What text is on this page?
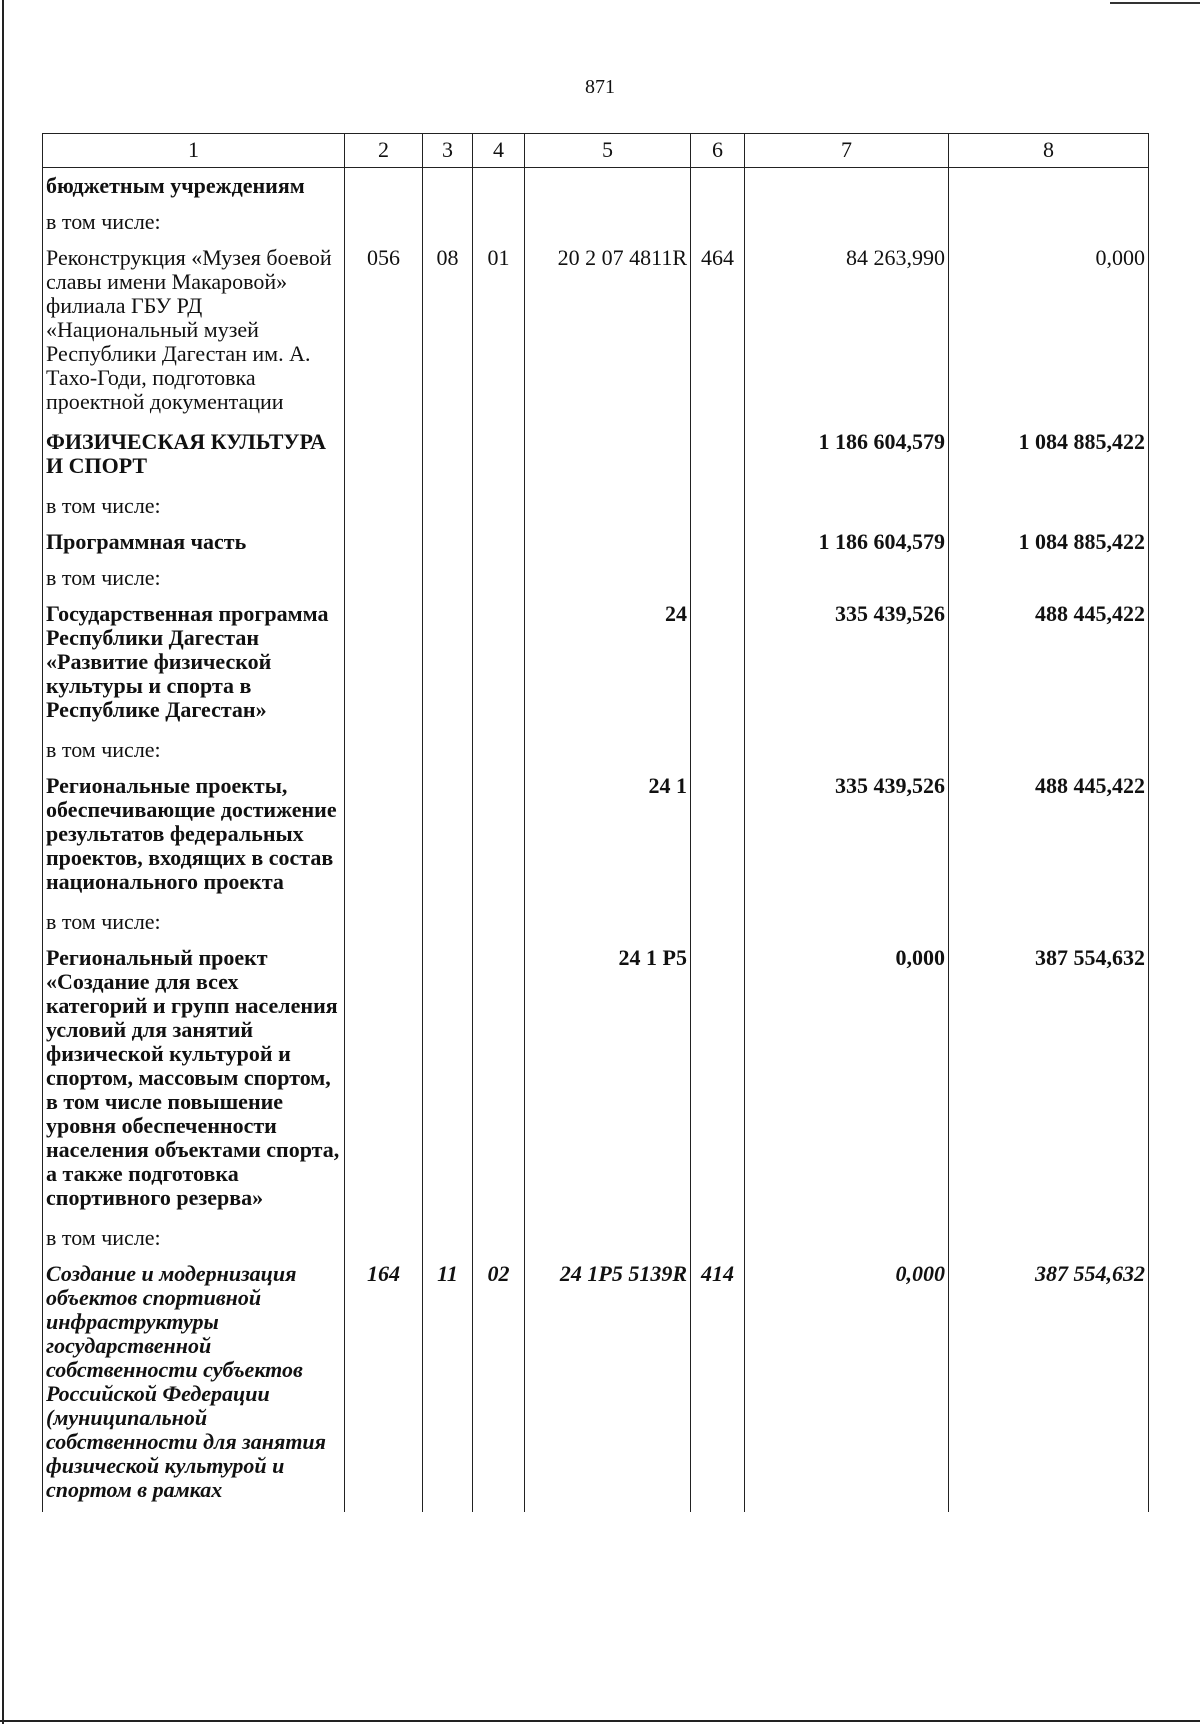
871
1	2	3	4	5	6	7	8
бюджетным учреждениям							
в том числе:							
Реконструкция «Музея боевой славы имени Макаровой» филиала ГБУ РД «Национальный музей Республики Дагестан им. А. Тахо-Годи, подготовка проектной документации	056	08	01	20 2 07 4811R	464	84 263,990	0,000
ФИЗИЧЕСКАЯ КУЛЬТУРА И СПОРТ						1 186 604,579	1 084 885,422
в том числе:							
Программная часть						1 186 604,579	1 084 885,422
в том числе:							
Государственная программа Республики Дагестан «Развитие физической культуры и спорта в Республике Дагестан»				24		335 439,526	488 445,422
в том числе:							
Региональные проекты, обеспечивающие достижение результатов федеральных проектов, входящих в состав национального проекта				24 1		335 439,526	488 445,422
в том числе:							
Региональный проект «Создание для всех категорий и групп населения условий для занятий физической культурой и спортом, массовым спортом, в том числе повышение уровня обеспеченности населения объектами спорта, а также подготовка спортивного резерва»				24 1 P5		0,000	387 554,632
в том числе:							
Создание и модернизация объектов спортивной инфраструктуры государственной собственности субъектов Российской Федерации (муниципальной собственности для занятия физической культурой и спортом в рамках	164	11	02	24 1P5 5139R	414	0,000	387 554,632
